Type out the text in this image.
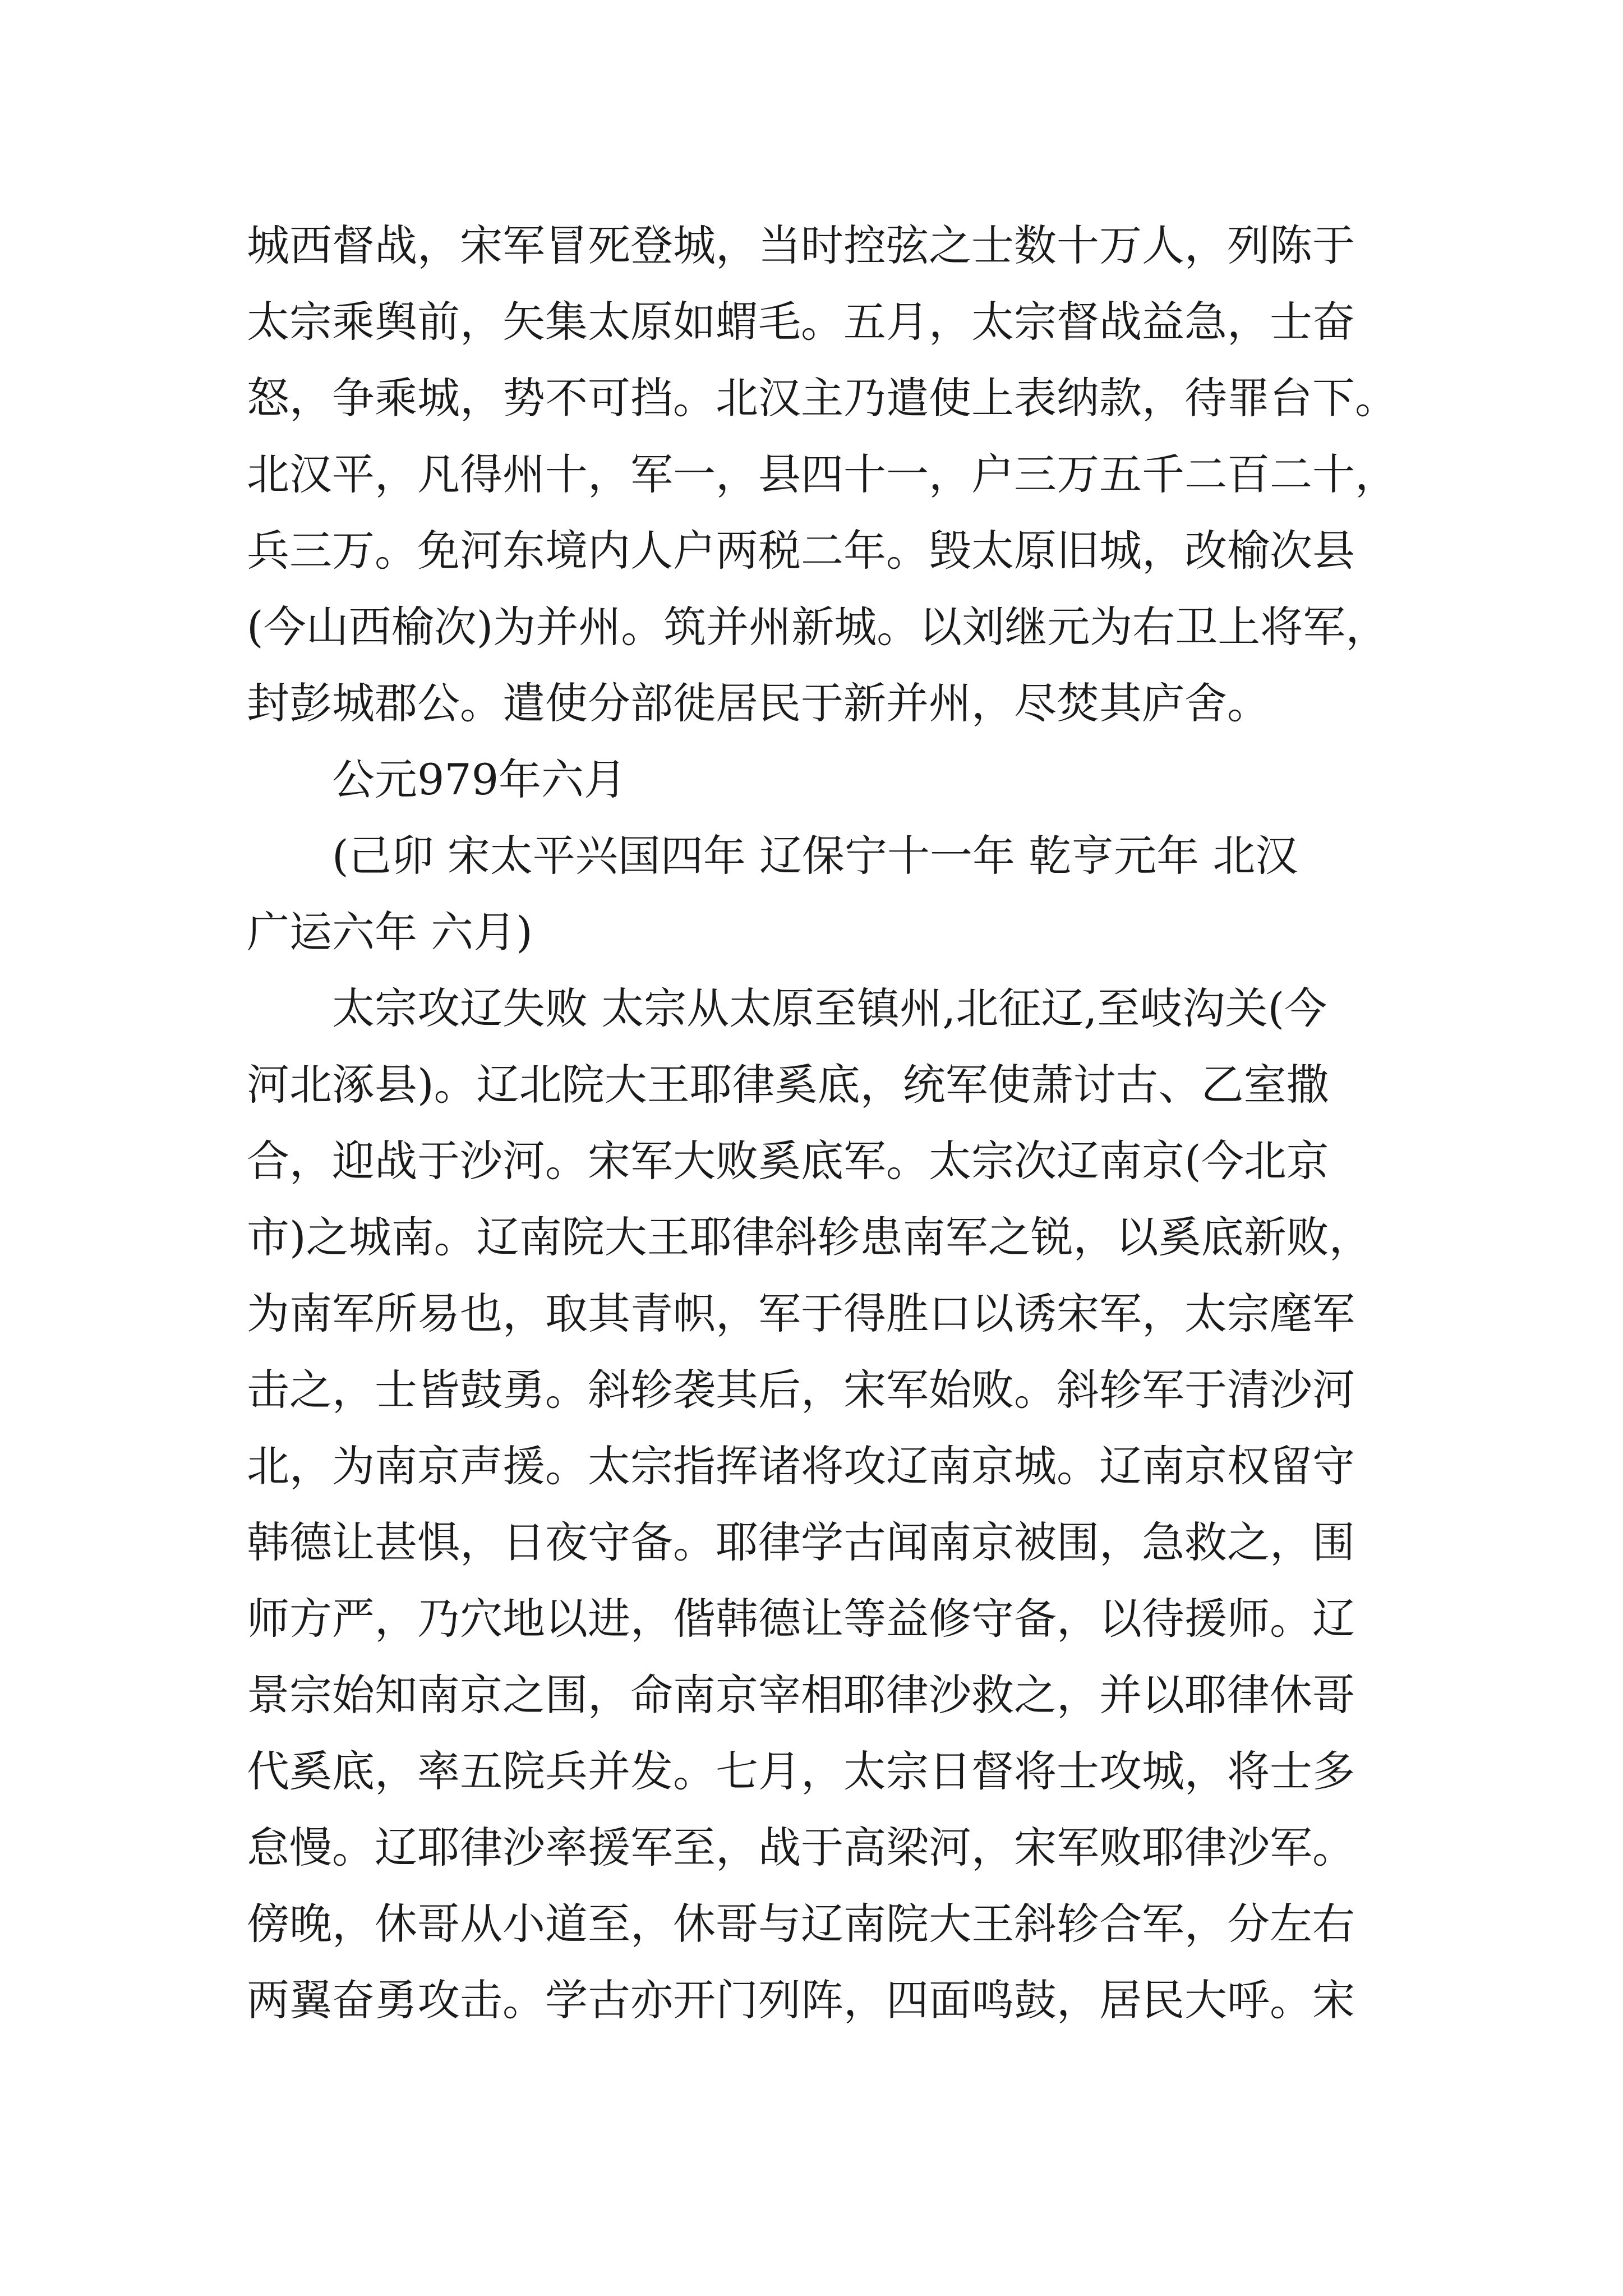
城西督战，宋军冒死登城，当时控弦之士数十万人，列陈于
太宗乘舆前，矢集太原如蝟毛。五月，太宗督战益急，士奋
怒，争乘城，势不可挡。北汉主乃遣使上表纳款，待罪台下。
北汉平，凡得州十，军一，县四十一，户三万五千二百二十，
兵三万。免河东境内人户两税二年。毁太原旧城，改榆次县
(今山西榆次)为并州。筑并州新城。以刘继元为右卫上将军，
封彭城郡公。遣使分部徙居民于新并州，尽焚其庐舍。
公元979年六月
(己卯 宋太平兴国四年 辽保宁十一年 乾亨元年 北汉
广运六年 六月)
太宗攻辽失败 太宗从太原至镇州,北征辽,至岐沟关(今
河北涿县)。辽北院大王耶律奚底，统军使萧讨古、乙室撒
合，迎战于沙河。宋军大败奚底军。太宗次辽南京(今北京
市)之城南。辽南院大王耶律斜轸患南军之锐，以奚底新败，
为南军所易也，取其青帜，军于得胜口以诱宋军，太宗麾军
击之，士皆鼓勇。斜轸袭其后，宋军始败。斜轸军于清沙河
北，为南京声援。太宗指挥诸将攻辽南京城。辽南京权留守
韩德让甚惧，日夜守备。耶律学古闻南京被围，急救之，围
师方严，乃穴地以进，偕韩德让等益修守备，以待援师。辽
景宗始知南京之围，命南京宰相耶律沙救之，并以耶律休哥
代奚底，率五院兵并发。七月，太宗日督将士攻城，将士多
怠慢。辽耶律沙率援军至，战于高梁河，宋军败耶律沙军。
傍晚，休哥从小道至，休哥与辽南院大王斜轸合军，分左右
两翼奋勇攻击。学古亦开门列阵，四面鸣鼓，居民大呼。宋
